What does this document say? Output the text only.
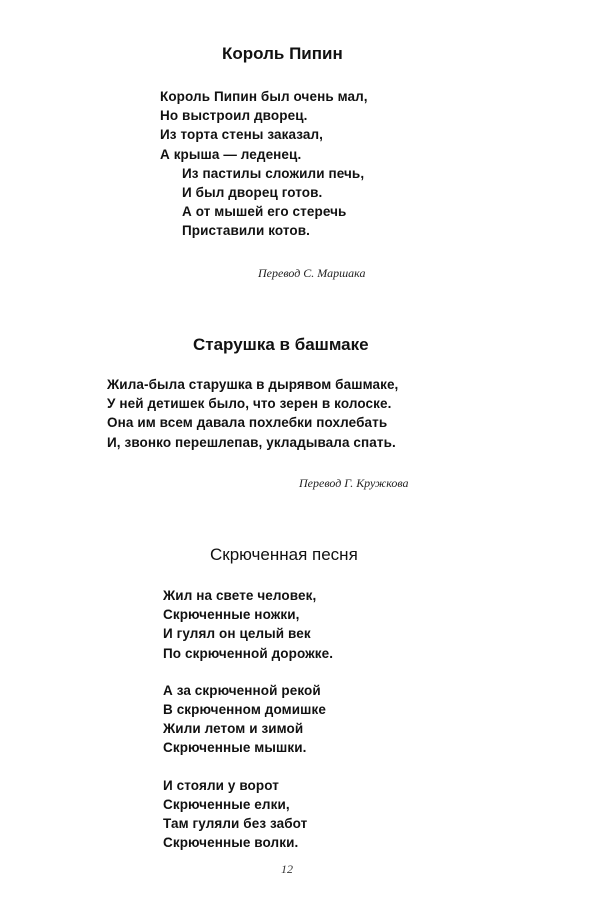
Король Пипин
Король Пипин был очень мал,
Но выстроил дворец.
Из торта стены заказал,
А крыша — леденец.
Из пастилы сложили печь,
И был дворец готов.
А от мышей его стеречь
Приставили котов.
Перевод С. Маршака
Старушка в башмаке
Жила-была старушка в дырявом башмаке,
У ней детишек было, что зерен в колоске.
Она им всем давала похлебки похлебать
И, звонко перешлепав, укладывала спать.
Перевод Г. Кружкова
Скрюченная песня
Жил на свете человек,
Скрюченные ножки,
И гулял он целый век
По скрюченной дорожке.
А за скрюченной рекой
В скрюченном домишке
Жили летом и зимой
Скрюченные мышки.
И стояли у ворот
Скрюченные елки,
Там гуляли без забот
Скрюченные волки.
12
